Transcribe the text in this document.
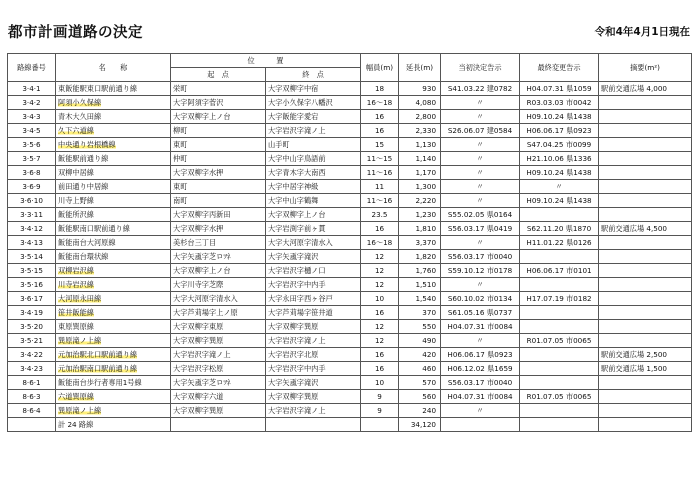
都市計画道路の決定	令和4年4月1日現在
路線番号	名　　称	位　　　置		幅員(m)	延長(m)	当初決定告示	最終変更告示	摘要(m²)
		起　点	終　点					
3·4·1	東飯能駅東口駅前通り線	栄町	大字双柳字中宿	18	930	S41.03.22 建0782	H04.07.31 県1059	駅前交通広場 4,000
3·4·2	阿須小久保線	大字阿須字菅沢	大字小久保字八幡沢	16〜18	4,080	〃	R03.03.03 市0042	
3·4·3	青木大久田線	大字双柳字上ノ台	大字飯能字愛宕	16	2,800	〃	H09.10.24 県1438	
3·4·5	久下六道線	柳町	大字岩沢字滝ノ上	16	2,330	S26.06.07 建0584	H06.06.17 県0923	
3·5·6	中央通り岩根橋線	東町	山手町	15	1,130	〃	S47.04.25 市0099	
3·5·7	飯能駅前通り線	仲町	大字中山字鳥語前	11〜15	1,140	〃	H21.10.06 県1336	
3·6·8	双柳中居線	大字双柳字水押	大字青木字大南西	11〜16	1,170	〃	H09.10.24 県1438	
3·6·9	前田通り中居線	東町	大字中居字神級	11	1,300	〃	〃	
3·6·10	川寺上野線	南町	大字中山字鶴舞	11〜16	2,220	〃	H09.10.24 県1438	
3·3·11	飯能所沢線	大字双柳字丙新田	大字双柳字上ノ台	23.5	1,230	S55.02.05 県0164		
3·4·12	飯能駅南口駅前通り線	大字双柳字水押	大字岩渕字前ヶ貫	16	1,810	S56.03.17 県0419	S62.11.20 県1870	駅前交通広場 4,500
3·4·13	飯能南台大河原線	美杉台三丁目	大字大河原字清水入	16〜18	3,370	〃	H11.01.22 県0126	
3·5·14	飯能南台環状線	大字矢颪字芝ロﾂﾈ	大字矢颪字滝沢	12	1,820	S56.03.17 市0040		
3·5·15	双柳岩沢線	大字双柳字上ノ台	大字岩沢字樋ノ口	12	1,760	S59.10.12 市0178	H06.06.17 市0101	
3·5·16	川寺岩沢線	大字川寺字芝際	大字岩沢字中内手	12	1,510	〃		
3·6·17	大河原永田線	大字大河原字清水入	大字永田字西ヶ谷戸	10	1,540	S60.10.02 市0134	H17.07.19 市0182	
3·4·19	笹井飯能線	大字芦苅場字上ノ原	大字芦苅場字笹井道	16	370	S61.05.16 県0737		
3·5·20	東原巽原線	大字双柳字東原	大字双柳字巽原	12	550	H04.07.31 市0084		
3·5·21	巽原滝ノ上線	大字双柳字巽原	大字岩沢字滝ノ上	12	490	〃	R01.07.05 市0065	
3·4·22	元加治駅北口駅前通り線	大字岩沢字滝ノ上	大字岩沢字北原	16	420	H06.06.17 県0923		駅前交通広場 2,500
3·4·23	元加治駅南口駅前通り線	大字岩沢字松原	大字岩沢字中内手	16	460	H06.12.02 県1659		駅前交通広場 1,500
8·6·1	飯能南台歩行者専用1号線	大字矢颪字芝ロﾂﾈ	大字矢颪字滝沢	10	570	S56.03.17 市0040		
8·6·3	六道巽原線	大字双柳字六道	大字双柳字巽原	9	560	H04.07.31 市0084	R01.07.05 市0065	
8·6·4	巽原滝ノ上線	大字双柳字巽原	大字岩沢字滝ノ上	9	240	〃		
	計 24 路線				34,120			
